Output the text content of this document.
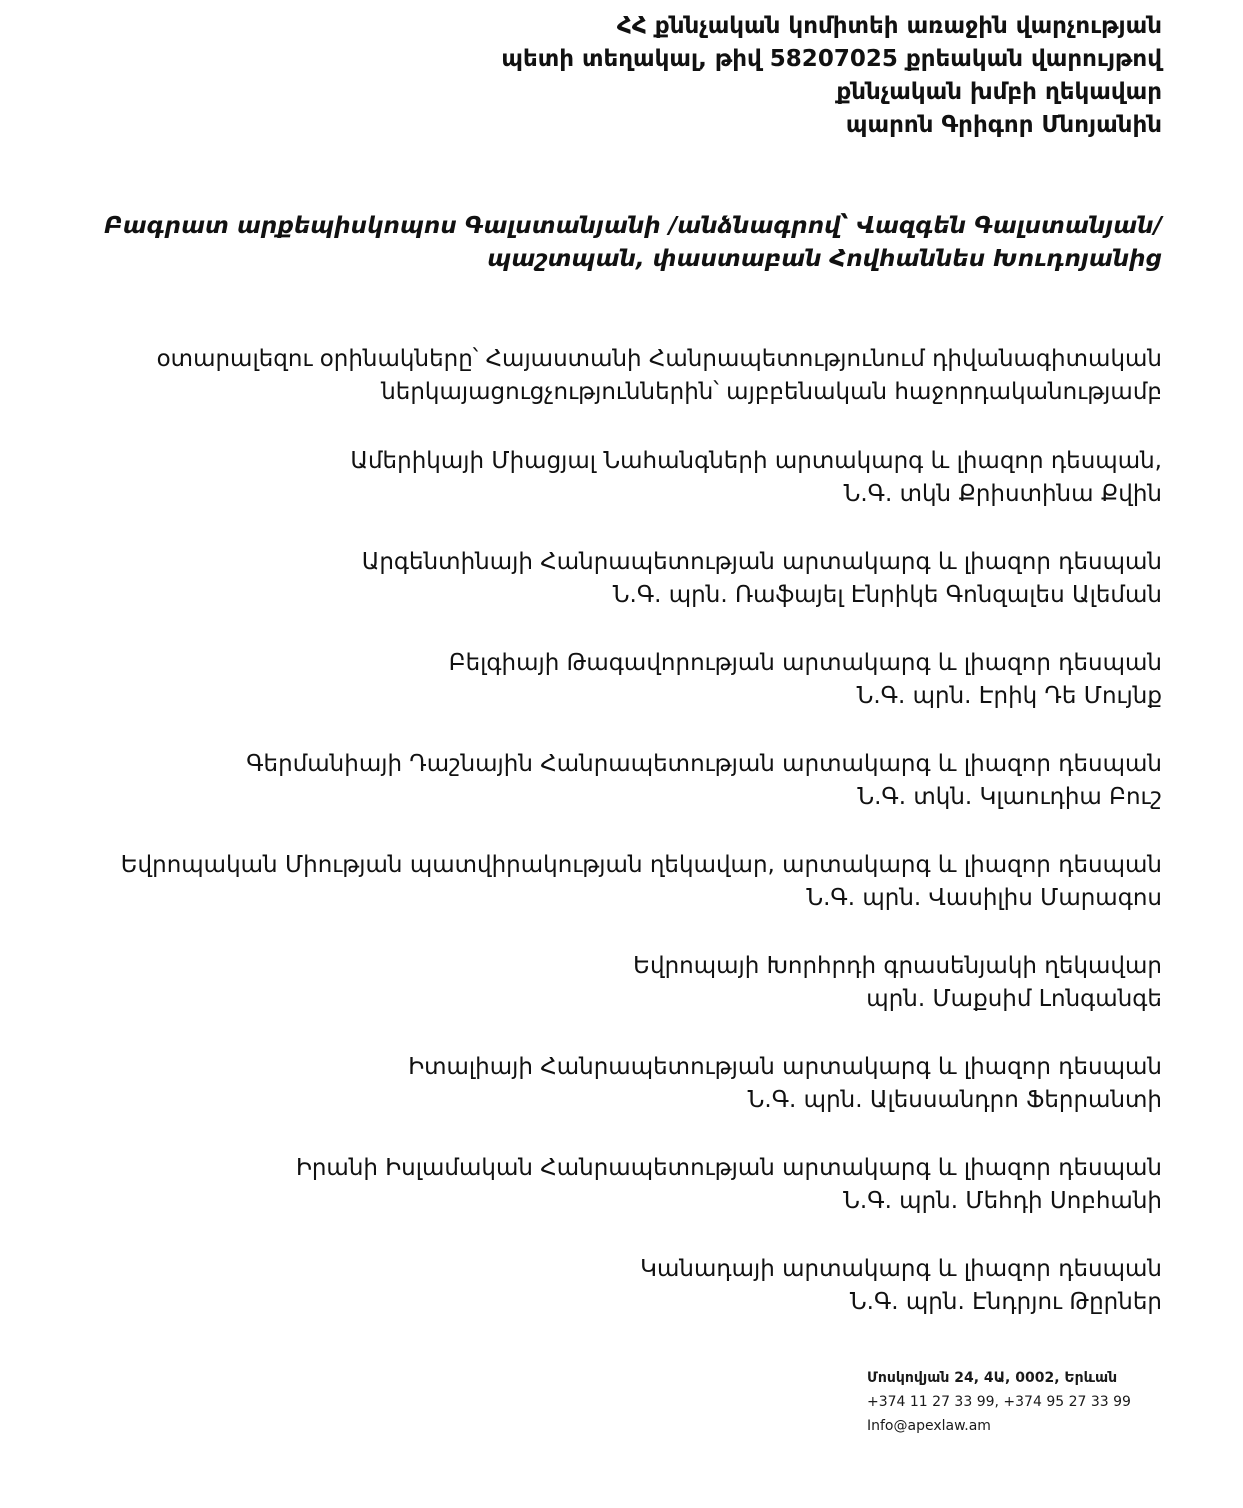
ՀՀ քննչական կոմիտեի առաջին վարչության
պետի տեղակալ, թիվ 58207025 քրեական վարույթով
քննչական խմբի ղեկավար
պարոն Գրիգոր Մնոյանին
Բագրատ արքեպիսկոպոս Գալստանյանի /անձնագրով՝ Վազգեն Գալստանյան/
պաշտպան, փաստաբան Հովհաննես Խուդոյանից
օտարալեզու օրինակները՝ Հայաստանի Հանրապետությունում դիվանագիտական
ներկայացուցչություններին՝ այբբենական հաջորդականությամբ
Ամերիկայի Միացյալ Նահանգների արտակարգ և լիազոր դեսպան,
Ն.Գ. տկն Քրիստինա Քվին
Արգենտինայի Հանրապետության արտակարգ և լիազոր դեսպան
Ն.Գ. պրն. Ռաֆայել Էնրիկե Գոնզալես Ալեման
Բելգիայի Թագավորության արտակարգ և լիազոր դեսպան
Ն.Գ. պրն. Էրիկ Դե Մույնք
Գերմանիայի Դաշնային Հանրապետության արտակարգ և լիազոր դեսպան
Ն.Գ. տկն. Կլաուդիա Բուշ
Եվրոպական Միության պատվիրակության ղեկավար, արտակարգ և լիազոր դեսպան
Ն.Գ. պրն. Վասիլիս Մարագոս
Եվրոպայի Խորհրդի գրասենյակի ղեկավար
պրն. Մաքսիմ Լոնգանգե
Իտալիայի Հանրապետության արտակարգ և լիազոր դեսպան
Ն.Գ. պրն. Ալեսսանդրո Ֆերրանտի
Իրանի Իսլամական Հանրապետության արտակարգ և լիազոր դեսպան
Ն.Գ. պրն. Մեհդի Սոբհանի
Կանադայի արտակարգ և լիազոր դեսպան
Ն.Գ. պրն. Էնդրյու Թըրներ
Մոսկովյան 24, 4Ա, 0002, Երևան
+374 11 27 33 99, +374 95 27 33 99
Info@apexlaw.am
